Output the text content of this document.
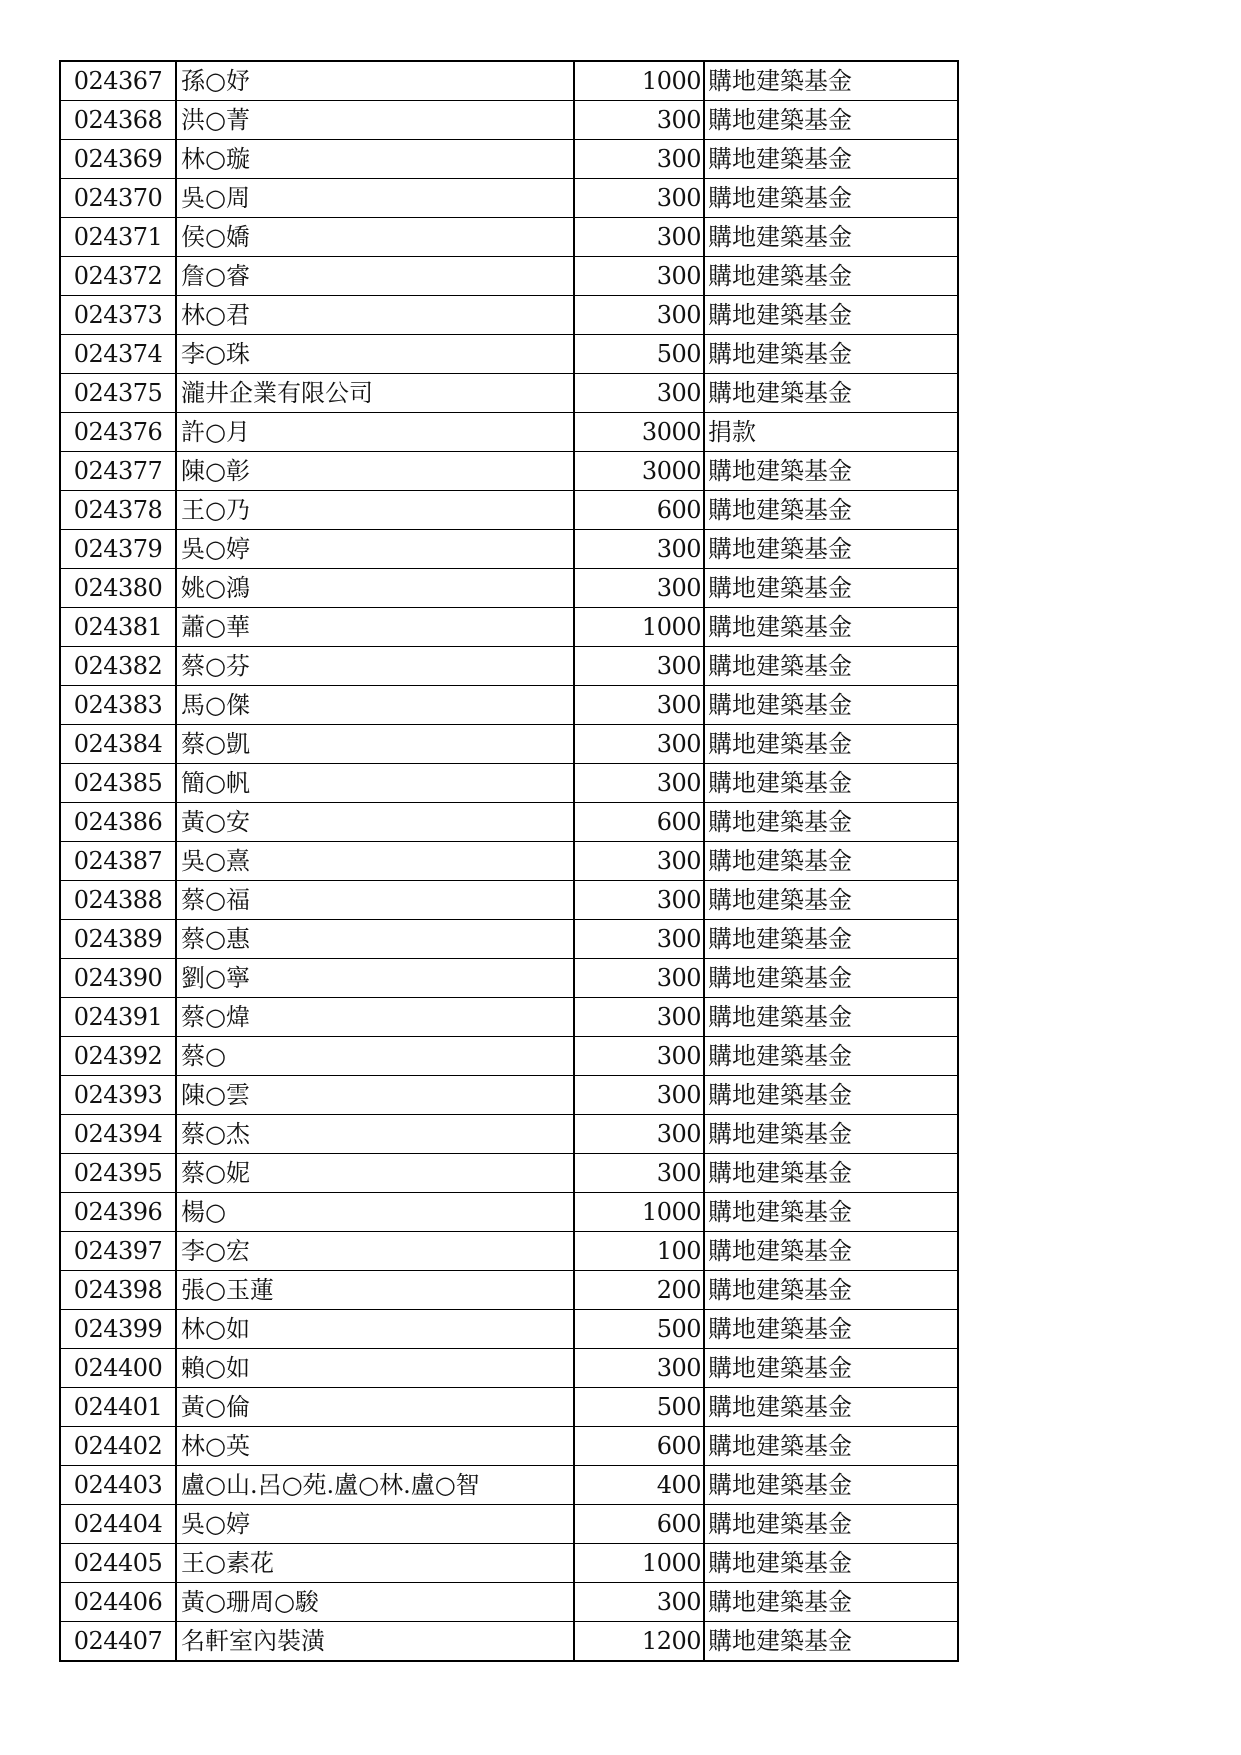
024367	孫○妤	1000	購地建築基金
024368	洪○菁	300	購地建築基金
024369	林○璇	300	購地建築基金
024370	吳○周	300	購地建築基金
024371	侯○嬌	300	購地建築基金
024372	詹○睿	300	購地建築基金
024373	林○君	300	購地建築基金
024374	李○珠	500	購地建築基金
024375	瀧井企業有限公司	300	購地建築基金
024376	許○月	3000	捐款
024377	陳○彰	3000	購地建築基金
024378	王○乃	600	購地建築基金
024379	吳○婷	300	購地建築基金
024380	姚○鴻	300	購地建築基金
024381	蕭○華	1000	購地建築基金
024382	蔡○芬	300	購地建築基金
024383	馬○傑	300	購地建築基金
024384	蔡○凱	300	購地建築基金
024385	簡○帆	300	購地建築基金
024386	黃○安	600	購地建築基金
024387	吳○熹	300	購地建築基金
024388	蔡○福	300	購地建築基金
024389	蔡○惠	300	購地建築基金
024390	劉○寧	300	購地建築基金
024391	蔡○煒	300	購地建築基金
024392	蔡○	300	購地建築基金
024393	陳○雲	300	購地建築基金
024394	蔡○杰	300	購地建築基金
024395	蔡○妮	300	購地建築基金
024396	楊○	1000	購地建築基金
024397	李○宏	100	購地建築基金
024398	張○玉蓮	200	購地建築基金
024399	林○如	500	購地建築基金
024400	賴○如	300	購地建築基金
024401	黃○倫	500	購地建築基金
024402	林○英	600	購地建築基金
024403	盧○山.呂○苑.盧○林.盧○智	400	購地建築基金
024404	吳○婷	600	購地建築基金
024405	王○素花	1000	購地建築基金
024406	黃○珊周○駿	300	購地建築基金
024407	名軒室內裝潢	1200	購地建築基金
